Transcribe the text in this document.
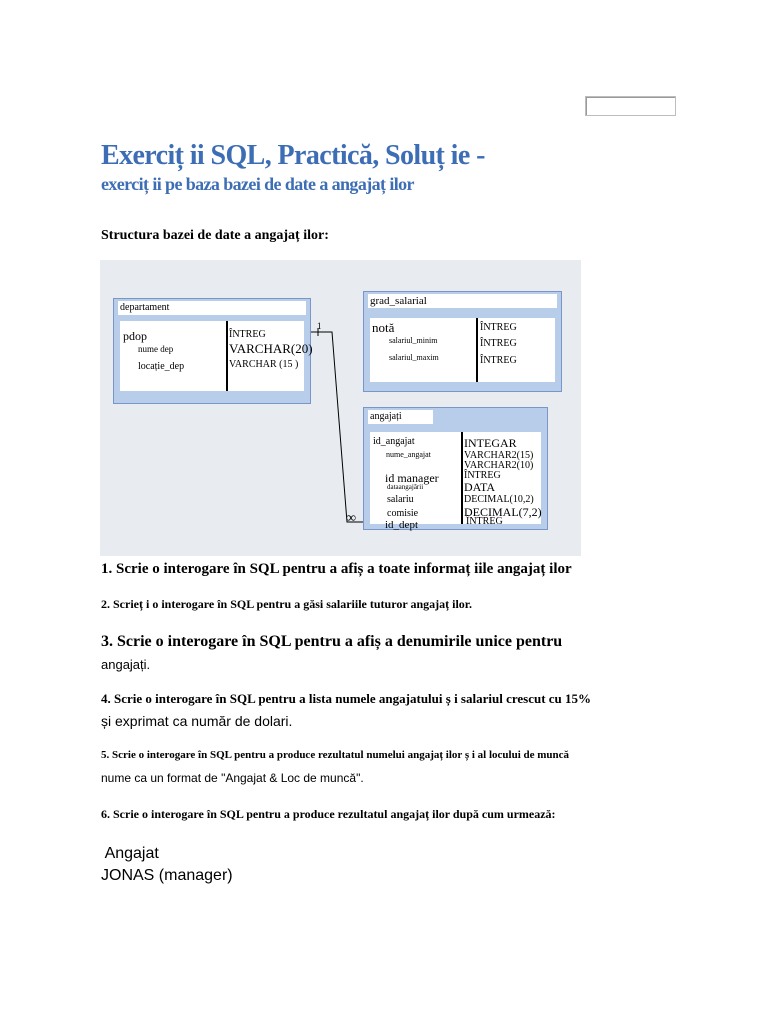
Exerciț ii SQL, Practică, Soluț ie -
exerciț ii pe baza bazei de date a angajaț ilor
Structura bazei de date a angajaț ilor:
1
∞
departament
pdop
nume dep
locație_dep
ÎNTREG
VARCHAR(20)
VARCHAR (15 )
grad_salarial
notă
salariul_minim
salariul_maxim
ÎNTREG
ÎNTREG
ÎNTREG
angajați
id_angajat
nume_angajat
id manager
dataangajării
salariu
comisie
id_dept
INTEGAR
VARCHAR2(15)
VARCHAR2(10)
ÎNTREG
DATA
DECIMAL(10,2)
DECIMAL(7,2)
ÎNTREG
1. Scrie o interogare în SQL pentru a afiș a toate informaț iile angajaț ilor
2. Scrieț i o interogare în SQL pentru a găsi salariile tuturor angajaț ilor.
3. Scrie o interogare în SQL pentru a afiș a denumirile unice pentru
angajați.
4. Scrie o interogare în SQL pentru a lista numele angajatului ș i salariul crescut cu 15%
și exprimat ca număr de dolari.
5. Scrie o interogare în SQL pentru a produce rezultatul numelui angajaț ilor ș i al locului de muncă
nume ca un format de "Angajat & Loc de muncă".
6. Scrie o interogare în SQL pentru a produce rezultatul angajaț ilor după cum urmează:
Angajat
JONAS (manager)
